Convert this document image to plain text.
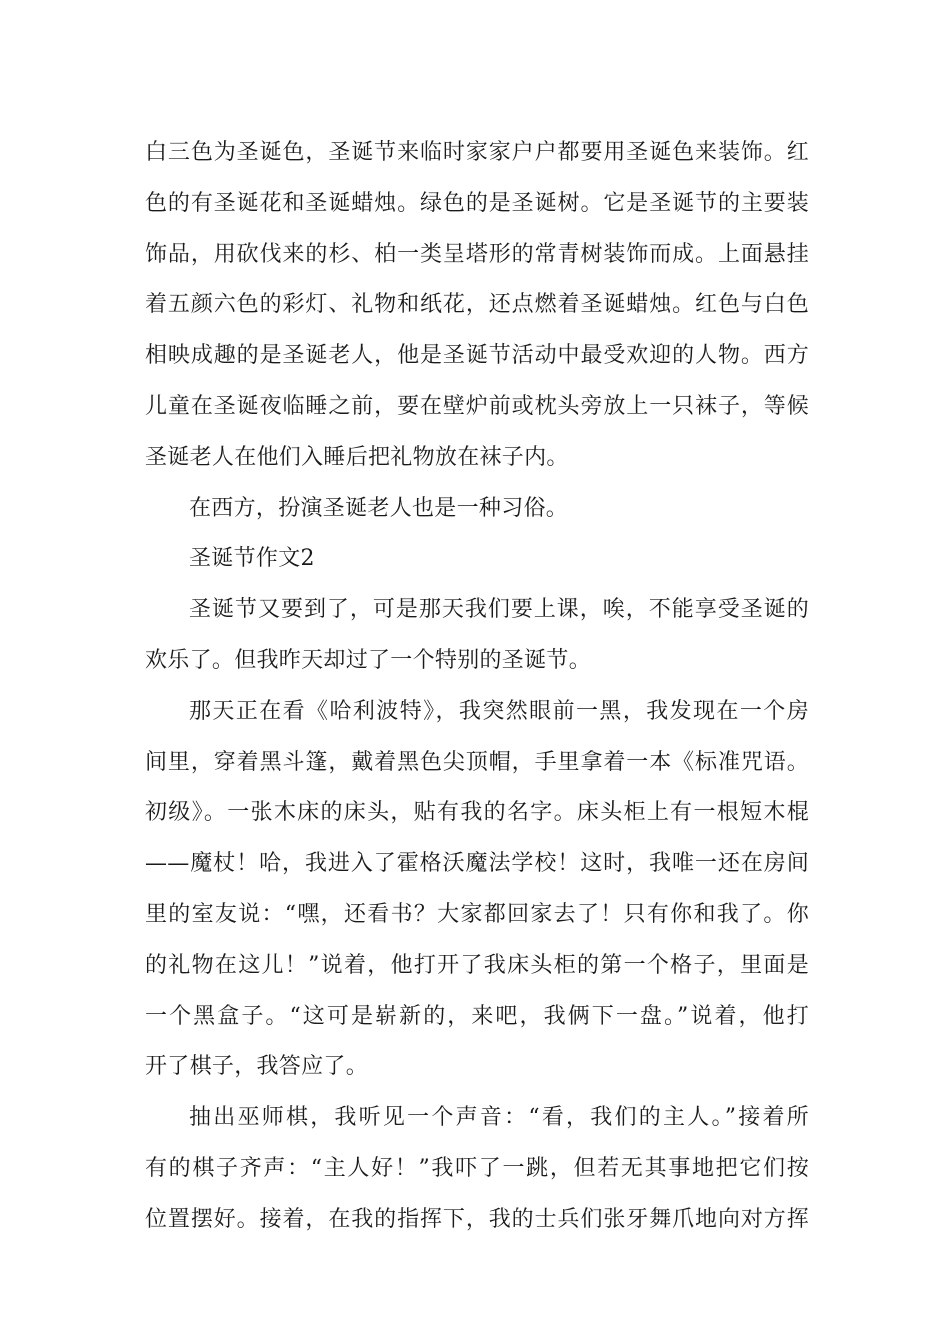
白三色为圣诞色，圣诞节来临时家家户户都要用圣诞色来装饰。红
色的有圣诞花和圣诞蜡烛。绿色的是圣诞树。它是圣诞节的主要装
饰品，用砍伐来的杉、柏一类呈塔形的常青树装饰而成。上面悬挂
着五颜六色的彩灯、礼物和纸花，还点燃着圣诞蜡烛。红色与白色
相映成趣的是圣诞老人，他是圣诞节活动中最受欢迎的人物。西方
儿童在圣诞夜临睡之前，要在壁炉前或枕头旁放上一只袜子，等候
圣诞老人在他们入睡后把礼物放在袜子内。
在西方，扮演圣诞老人也是一种习俗。
圣诞节作文2
圣诞节又要到了，可是那天我们要上课，唉，不能享受圣诞的
欢乐了。但我昨天却过了一个特别的圣诞节。
那天正在看《哈利波特》，我突然眼前一黑，我发现在一个房
间里，穿着黑斗篷，戴着黑色尖顶帽，手里拿着一本《标准咒语。
初级》。一张木床的床头，贴有我的名字。床头柜上有一根短木棍
——魔杖！哈，我进入了霍格沃魔法学校！这时，我唯一还在房间
里的室友说：“嘿，还看书？大家都回家去了！只有你和我了。你
的礼物在这儿！”说着，他打开了我床头柜的第一个格子，里面是
一个黑盒子。“这可是崭新的，来吧，我俩下一盘。”说着，他打
开了棋子，我答应了。
抽出巫师棋，我听见一个声音：“看，我们的主人。”接着所
有的棋子齐声：“主人好！”我吓了一跳，但若无其事地把它们按
位置摆好。接着，在我的指挥下，我的士兵们张牙舞爪地向对方挥
